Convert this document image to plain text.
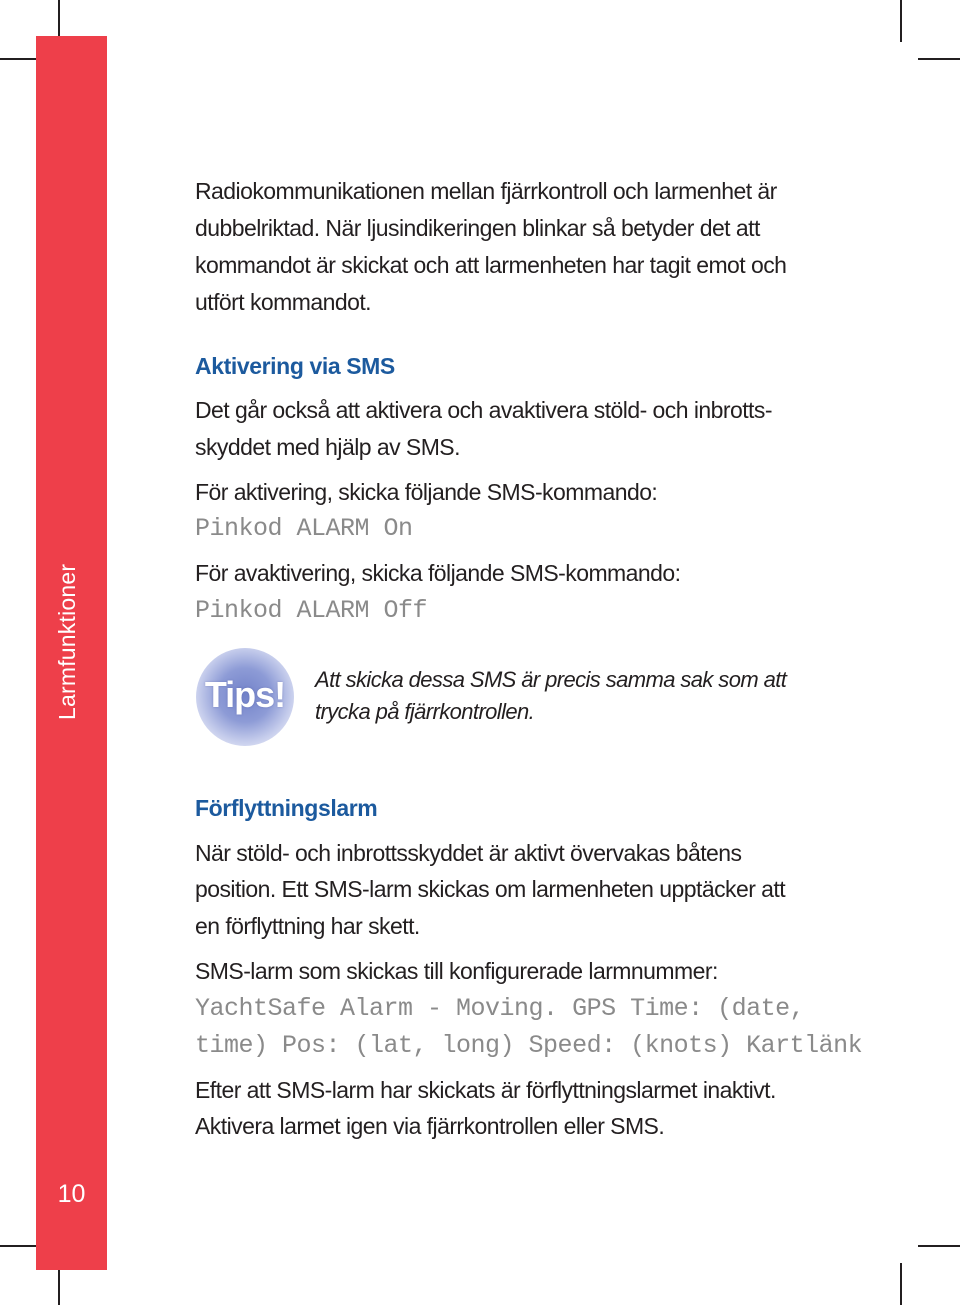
Larmfunktioner
10

Radiokommunikationen mellan fjärrkontroll och larmenhet är

dubbelriktad. När ljusindikeringen blinkar så betyder det att

kommandot är skickat och att larmenheten har tagit emot och

utfört kommandot.

Aktivering via SMS

Det går också att aktivera och avaktivera stöld- och inbrotts-

skyddet med hjälp av SMS.

För aktivering, skicka följande SMS-kommando:

Pinkod ALARM On

För avaktivering, skicka följande SMS-kommando:

Pinkod ALARM Off

Förflyttningslarm

När stöld- och inbrottsskyddet är aktivt övervakas båtens

position. Ett SMS-larm skickas om larmenheten upptäcker att

en förflyttning har skett.

SMS-larm som skickas till konfigurerade larmnummer:

YachtSafe Alarm - Moving. GPS Time: (date,

time) Pos: (lat, long) Speed: (knots) Kartlänk

Efter att SMS-larm har skickats är förflyttningslarmet inaktivt.

Aktivera larmet igen via fjärrkontrollen eller SMS.

Tips!	Att skicka dessa SMS är precis samma sak som att
trycka på fjärrkontrollen.
